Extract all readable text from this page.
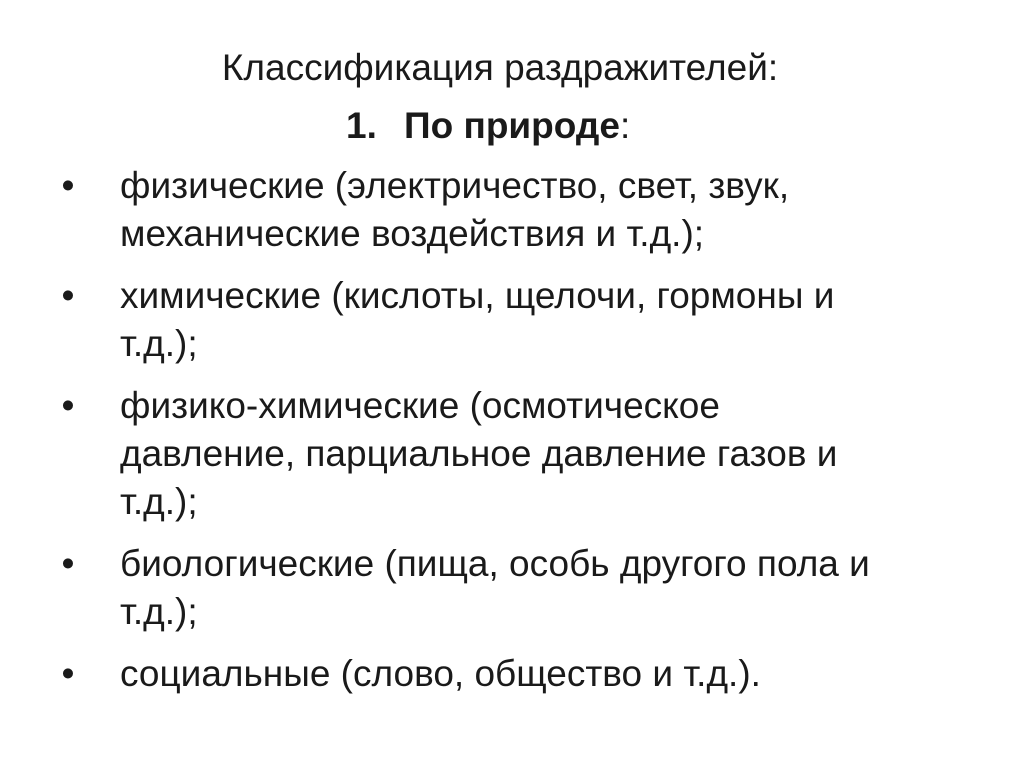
Классификация раздражителей:
1. По природе:
• физические (электричество, свет, звук,
механические воздействия и т.д.);
• химические (кислоты, щелочи, гормоны и
т.д.);
• физико-химические (осмотическое
давление, парциальное давление газов и
т.д.);
• биологические (пища, особь другого пола и
т.д.);
• социальные (слово, общество и т.д.).
